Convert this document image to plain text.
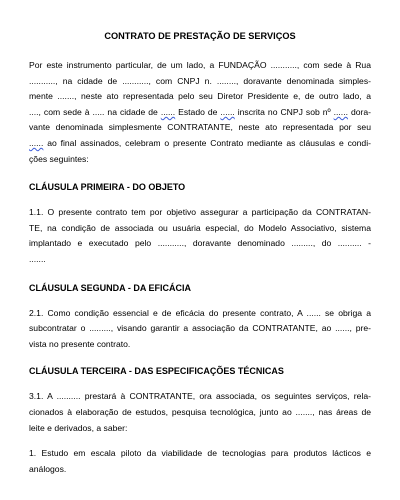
CONTRATO DE PRESTAÇÃO DE SERVIÇOS
Por este instrumento particular, de um lado, a FUNDAÇÃO ..........., com sede à Rua
..........., na cidade de ..........., com CNPJ n. ........, doravante denominada simples-
mente ......., neste ato representada pelo seu Diretor Presidente e, de outro lado, a
...., com sede à ..... na cidade de ...... Estado de ...... inscrita no CNPJ sob nº ...... dora-
vante denominada simplesmente CONTRATANTE, neste ato representada por seu
...... ao final assinados, celebram o presente Contrato mediante as cláusulas e condi-
ções seguintes:
CLÁUSULA PRIMEIRA - DO OBJETO
1.1. O presente contrato tem por objetivo assegurar a participação da CONTRATAN-
TE, na condição de associada ou usuária especial, do Modelo Associativo, sistema
implantado e executado pelo ..........., doravante denominado ........., do .......... -
.......
CLÁUSULA SEGUNDA - DA EFICÁCIA
2.1. Como condição essencial e de eficácia do presente contrato, A ...... se obriga a
subcontratar o ........., visando garantir a associação da CONTRATANTE, ao ......, pre-
vista no presente contrato.
CLÁUSULA TERCEIRA - DAS ESPECIFICAÇÕES TÉCNICAS
3.1. A .......... prestará à CONTRATANTE, ora associada, os seguintes serviços, rela-
cionados à elaboração de estudos, pesquisa tecnológica, junto ao ......., nas áreas de
leite e derivados, a saber:
1. Estudo em escala piloto da viabilidade de tecnologias para produtos lácticos e
análogos.
